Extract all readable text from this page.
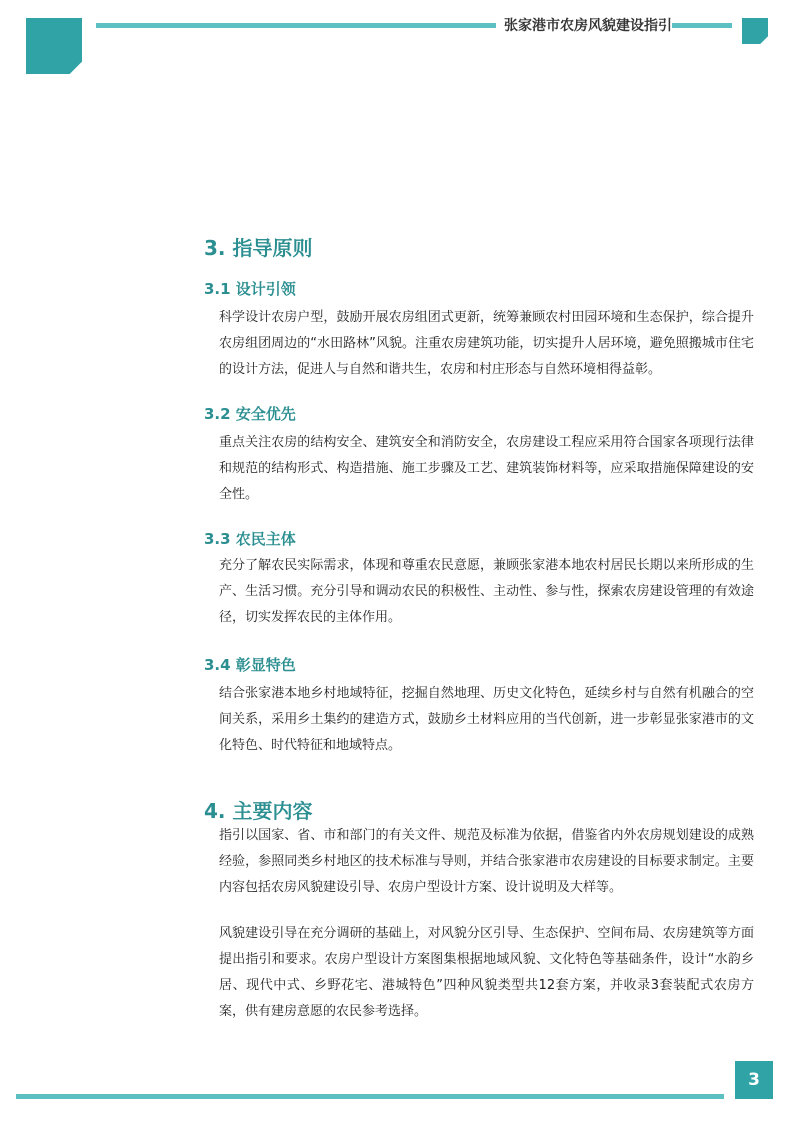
张家港市农房风貌建设指引
3. 指导原则
3.1 设计引领
科学设计农房户型，鼓励开展农房组团式更新，统筹兼顾农村田园环境和生态保护，综合提升农房组团周边的“水田路林”风貌。注重农房建筑功能，切实提升人居环境，避免照搬城市住宅的设计方法，促进人与自然和谐共生，农房和村庄形态与自然环境相得益彰。
3.2 安全优先
重点关注农房的结构安全、建筑安全和消防安全，农房建设工程应采用符合国家各项现行法律和规范的结构形式、构造措施、施工步骤及工艺、建筑装饰材料等，应采取措施保障建设的安全性。
3.3 农民主体
充分了解农民实际需求，体现和尊重农民意愿，兼顾张家港本地农村居民长期以来所形成的生产、生活习惯。充分引导和调动农民的积极性、主动性、参与性，探索农房建设管理的有效途径，切实发挥农民的主体作用。
3.4 彰显特色
结合张家港本地乡村地域特征，挖掘自然地理、历史文化特色，延续乡村与自然有机融合的空间关系，采用乡土集约的建造方式，鼓励乡土材料应用的当代创新，进一步彰显张家港市的文化特色、时代特征和地域特点。
4. 主要内容
指引以国家、省、市和部门的有关文件、规范及标准为依据，借鉴省内外农房规划建设的成熟经验，参照同类乡村地区的技术标准与导则，并结合张家港市农房建设的目标要求制定。主要内容包括农房风貌建设引导、农房户型设计方案、设计说明及大样等。
风貌建设引导在充分调研的基础上，对风貌分区引导、生态保护、空间布局、农房建筑等方面提出指引和要求。农房户型设计方案图集根据地域风貌、文化特色等基础条件，设计“水韵乡居、现代中式、乡野花宅、港城特色”四种风貌类型共12套方案，并收录3套装配式农房方案，供有建房意愿的农民参考选择。
3
